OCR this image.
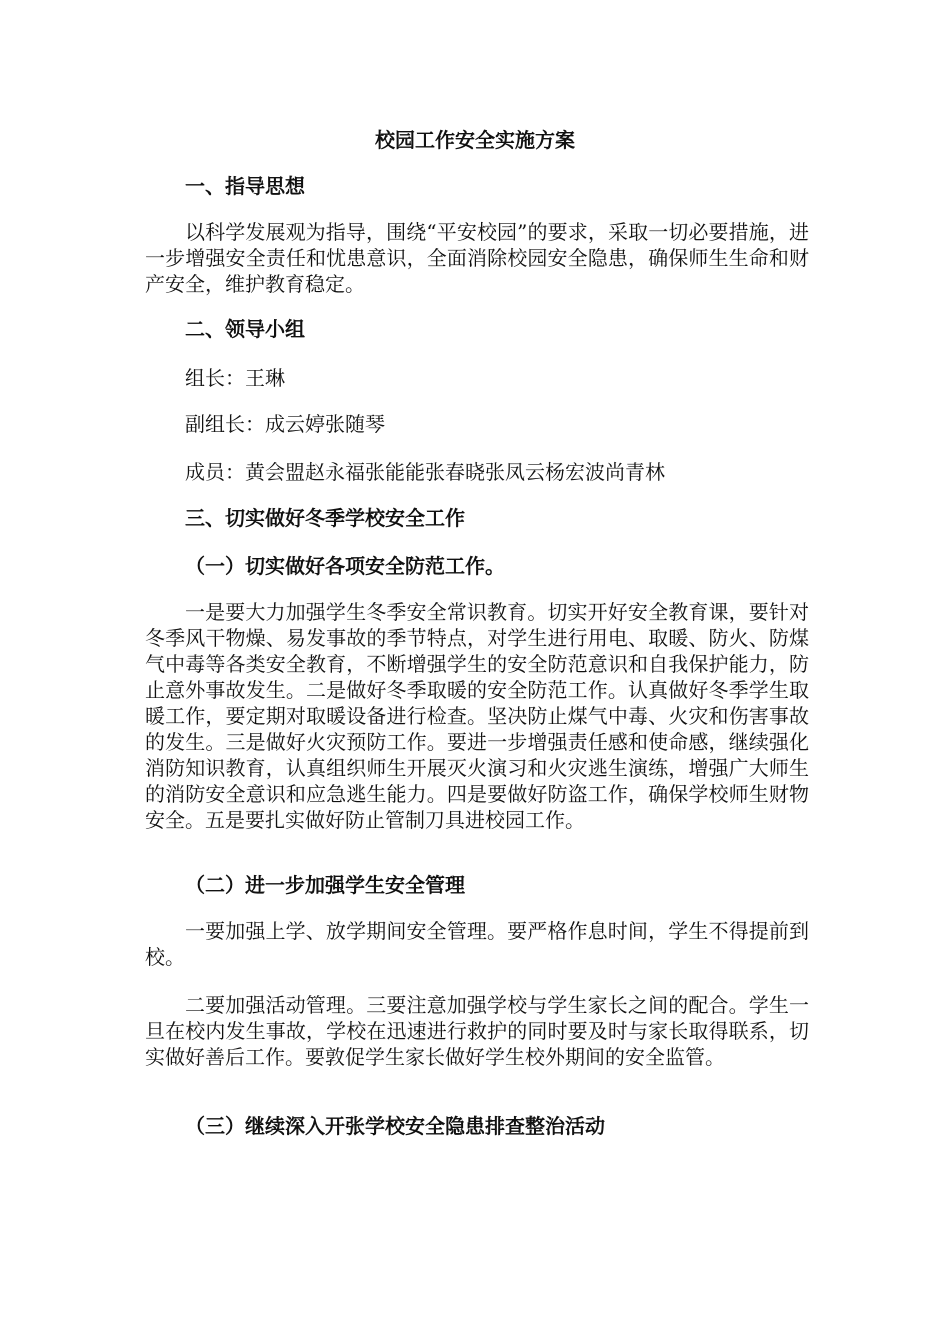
校园工作安全实施方案

一、指导思想

以科学发展观为指导，围绕“平安校园”的要求，采取一切必要措施，进一步增强安全责任和忧患意识，全面消除校园安全隐患，确保师生生命和财产安全，维护教育稳定。

二、领导小组

组长：王琳

副组长：成云婷张随琴

成员：黄会盟赵永福张能能张春晓张凤云杨宏波尚青林

三、切实做好冬季学校安全工作

（一）切实做好各项安全防范工作。

一是要大力加强学生冬季安全常识教育。切实开好安全教育课，要针对冬季风干物燥、易发事故的季节特点，对学生进行用电、取暖、防火、防煤气中毒等各类安全教育，不断增强学生的安全防范意识和自我保护能力，防止意外事故发生。二是做好冬季取暖的安全防范工作。认真做好冬季学生取暖工作，要定期对取暖设备进行检查。坚决防止煤气中毒、火灾和伤害事故的发生。三是做好火灾预防工作。要进一步增强责任感和使命感，继续强化消防知识教育，认真组织师生开展灭火演习和火灾逃生演练，增强广大师生的消防安全意识和应急逃生能力。四是要做好防盗工作，确保学校师生财物安全。五是要扎实做好防止管制刀具进校园工作。

（二）进一步加强学生安全管理

一要加强上学、放学期间安全管理。要严格作息时间，学生不得提前到校。

二要加强活动管理。三要注意加强学校与学生家长之间的配合。学生一旦在校内发生事故，学校在迅速进行救护的同时要及时与家长取得联系，切实做好善后工作。要敦促学生家长做好学生校外期间的安全监管。

（三）继续深入开张学校安全隐患排查整治活动
